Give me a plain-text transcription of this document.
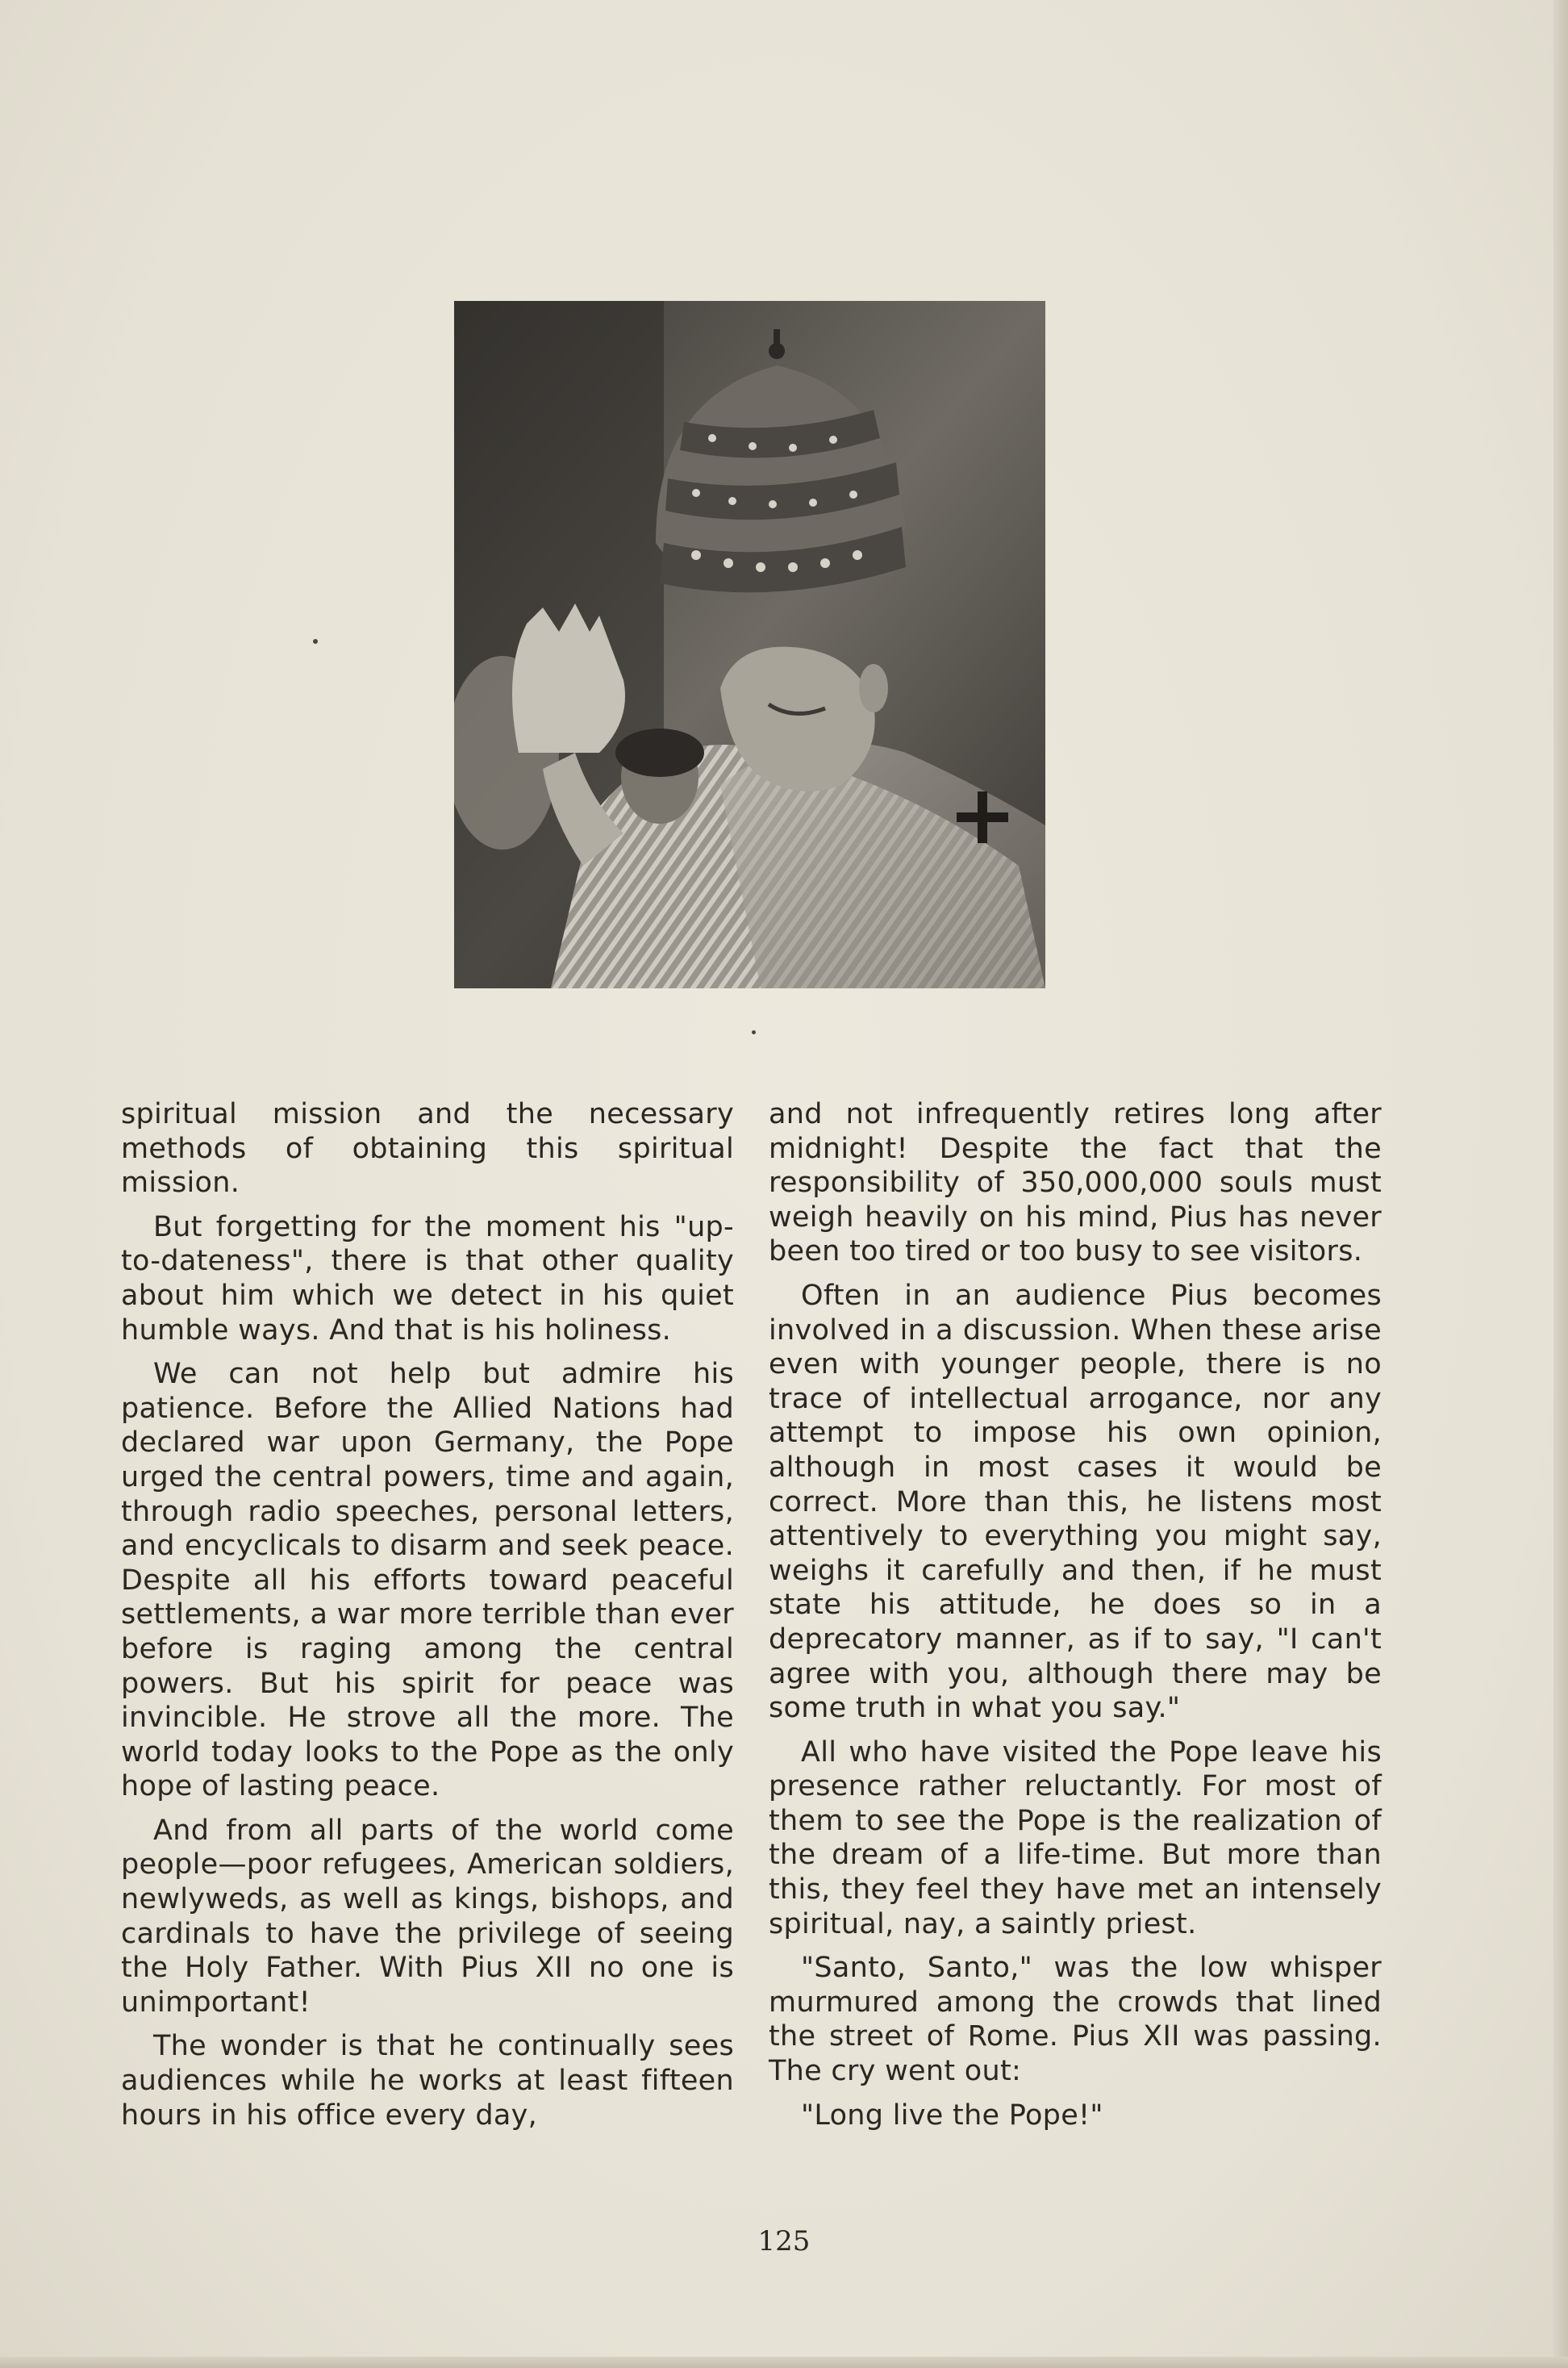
spiritual mission and the necessary methods of obtaining this spiritual mission.

But forgetting for the moment his "up-to-dateness", there is that other quality about him which we detect in his quiet humble ways. And that is his holiness.

We can not help but admire his patience. Before the Allied Nations had declared war upon Germany, the Pope urged the central powers, time and again, through radio speeches, personal letters, and encyclicals to disarm and seek peace. Despite all his efforts toward peaceful settlements, a war more terrible than ever before is raging among the central powers. But his spirit for peace was invincible. He strove all the more. The world today looks to the Pope as the only hope of lasting peace.

And from all parts of the world come people—poor refugees, American soldiers, newlyweds, as well as kings, bishops, and cardinals to have the privilege of seeing the Holy Father. With Pius XII no one is unimportant!

The wonder is that he continually sees audiences while he works at least fifteen hours in his office every day,

and not infrequently retires long after midnight! Despite the fact that the responsibility of 350,000,000 souls must weigh heavily on his mind, Pius has never been too tired or too busy to see visitors.

Often in an audience Pius becomes involved in a discussion. When these arise even with younger people, there is no trace of intellectual arrogance, nor any attempt to impose his own opinion, although in most cases it would be correct. More than this, he listens most attentively to everything you might say, weighs it carefully and then, if he must state his attitude, he does so in a deprecatory manner, as if to say, "I can't agree with you, although there may be some truth in what you say."

All who have visited the Pope leave his presence rather reluctantly. For most of them to see the Pope is the realization of the dream of a life-time. But more than this, they feel they have met an intensely spiritual, nay, a saintly priest.

"Santo, Santo," was the low whisper murmured among the crowds that lined the street of Rome. Pius XII was passing. The cry went out:

"Long live the Pope!"

125
